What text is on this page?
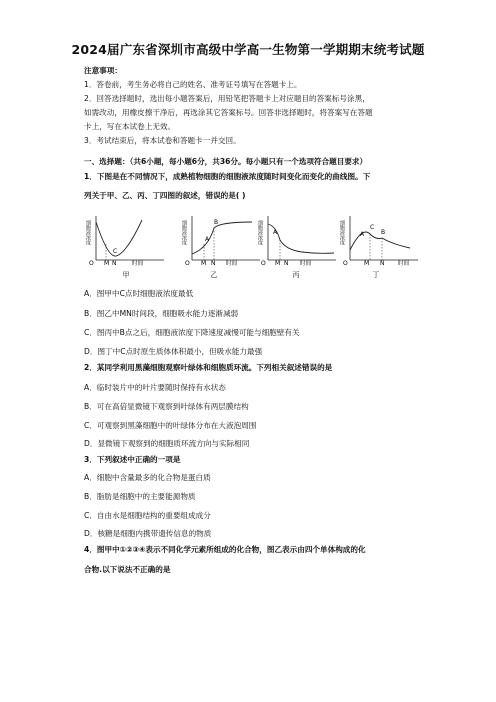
2024届广东省深圳市高级中学高一生物第一学期期末统考试题
注意事项：
1．答卷前，考生务必将自己的姓名、准考证号填写在答题卡上。
2．回答选择题时，选出每小题答案后，用铅笔把答题卡上对应题目的答案标号涂黑，
如需改动，用橡皮擦干净后，再选涂其它答案标号。回答非选择题时，将答案写在答题
卡上，写在本试卷上无效。
3．考试结束后，将本试卷和答题卡一并交回。
一、选择题：（共6小题，每小题6分，共36分。每小题只有一个选项符合题目要求）
1．下图是在不同情况下，成熟植物细胞的细胞液浓度随时间变化而变化的曲线图。下
列关于甲、乙、丙、丁四图的叙述，错误的是( )
细胞液浓度
C
O M N	时间
甲
细胞液浓度	B
A
O M N 时间
乙
细胞液浓度 A
O M N 时间
丙
细胞液浓度	A
C
B
O	M N 时间
丁
A．图甲中C点时细胞液浓度最低
B．图乙中MN时间段，细胞吸水能力逐渐减弱
C．图丙中B点之后，细胞液浓度下降速度减慢可能与细胞壁有关
D．图丁中C点时原生质体体积最小，但吸水能力最强
2．某同学利用黑藻细胞观察叶绿体和细胞质环流。下列相关叙述错误的是
A．临时装片中的叶片要随时保持有水状态
B．可在高倍显微镜下观察到叶绿体有两层膜结构
C．可观察到黑藻细胞中的叶绿体分布在大液泡周围
D．显微镜下观察到的细胞质环流方向与实际相同
3．下列叙述中正确的一项是
A．细胞中含量最多的化合物是蛋白质
B．脂肪是细胞中的主要能源物质
C．自由水是细胞结构的重要组成成分
D．核糖是细胞内携带遗传信息的物质
4．图甲中①②③④表示不同化学元素所组成的化合物，图乙表示由四个单体构成的化
合物.以下说法不正确的是
